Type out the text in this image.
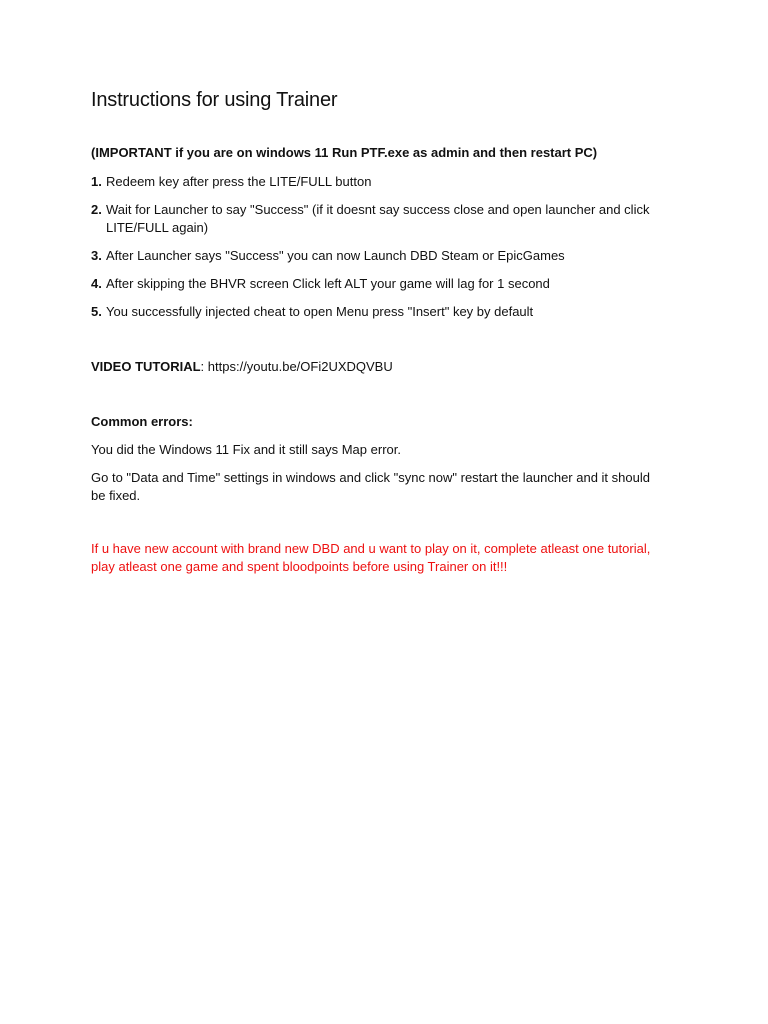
Instructions for using Trainer

(IMPORTANT if you are on windows 11 Run PTF.exe as admin and then restart PC)

1. Redeem key after press the LITE/FULL button
2. Wait for Launcher to say "Success" (if it doesnt say success close and open launcher and click LITE/FULL again)
3. After Launcher says "Success" you can now Launch DBD Steam or EpicGames
4. After skipping the BHVR screen Click left ALT your game will lag for 1 second
5. You successfully injected cheat to open Menu press "Insert" key by default

VIDEO TUTORIAL: https://youtu.be/OFi2UXDQVBU

Common errors:

You did the Windows 11 Fix and it still says Map error.

Go to "Data and Time" settings in windows and click "sync now" restart the launcher and it should be fixed.

If u have new account with brand new DBD and u want to play on it, complete atleast one tutorial, play atleast one game and spent bloodpoints before using Trainer on it!!!
